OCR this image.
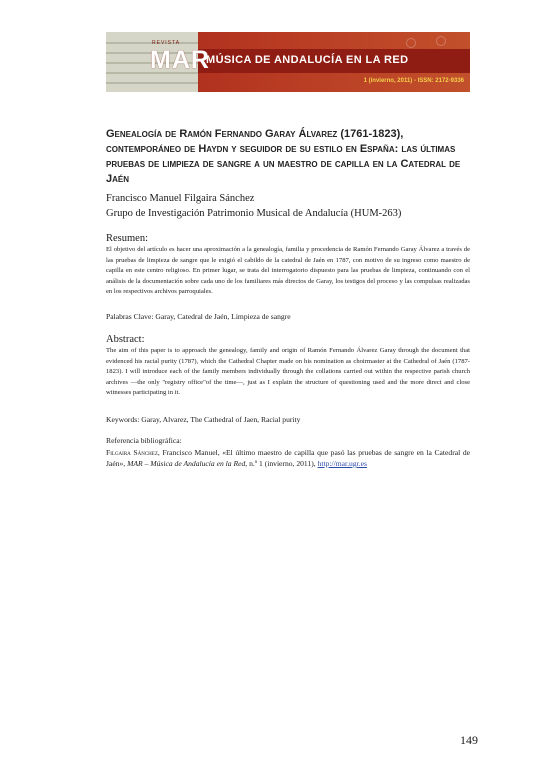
REVISTA
MAR
MÚSICA DE ANDALUCÍA EN LA RED
1 (invierno, 2011) - ISSN: 2172-9336
Genealogía de Ramón Fernando Garay Álvarez (1761-1823), contemporáneo de Haydn y seguidor de su estilo en España: las últimas pruebas de limpieza de sangre a un maestro de capilla en la Catedral de Jaén
Francisco Manuel Filgaira Sánchez
Grupo de Investigación Patrimonio Musical de Andalucía (HUM-263)
Resumen:

El objetivo del artículo es hacer una aproximación a la genealogía, familia y procedencia de Ramón Fernando Garay Álvarez a través de las pruebas de limpieza de sangre que le exigió el cabildo de la catedral de Jaén en 1787, con motivo de su ingreso como maestro de capilla en este centro religioso. En primer lugar, se trata del interrogatorio dispuesto para las pruebas de limpieza, continuando con el análisis de la documentación sobre cada uno de los familiares más directos de Garay, los testigos del proceso y las compulsas realizadas en los respectivos archivos parroquiales.

Palabras Clave: Garay, Catedral de Jaén, Limpieza de sangre
Abstract:

The aim of this paper is to approach the genealogy, family and origin of Ramón Fernando Álvarez Garay through the document that evidenced his racial purity (1787), which the Cathedral Chapter made on his nomination as choirmaster at the Cathedral of Jaén (1787-1823). I will introduce each of the family members individually through the collations carried out within the respective parish church archives —the only "registry office"of the time—, just as I explain the structure of questioning used and the more direct and close witnesses participating in it.

Keywords: Garay, Alvarez, The Cathedral of Jaen, Racial purity
Referencia bibliográfica:

Filgaira Sánchez, Francisco Manuel, «El último maestro de capilla que pasó las pruebas de sangre en la Catedral de Jaén», MAR – Música de Andalucía en la Red, n.º 1 (invierno, 2011), http://mar.ugr.es

149
